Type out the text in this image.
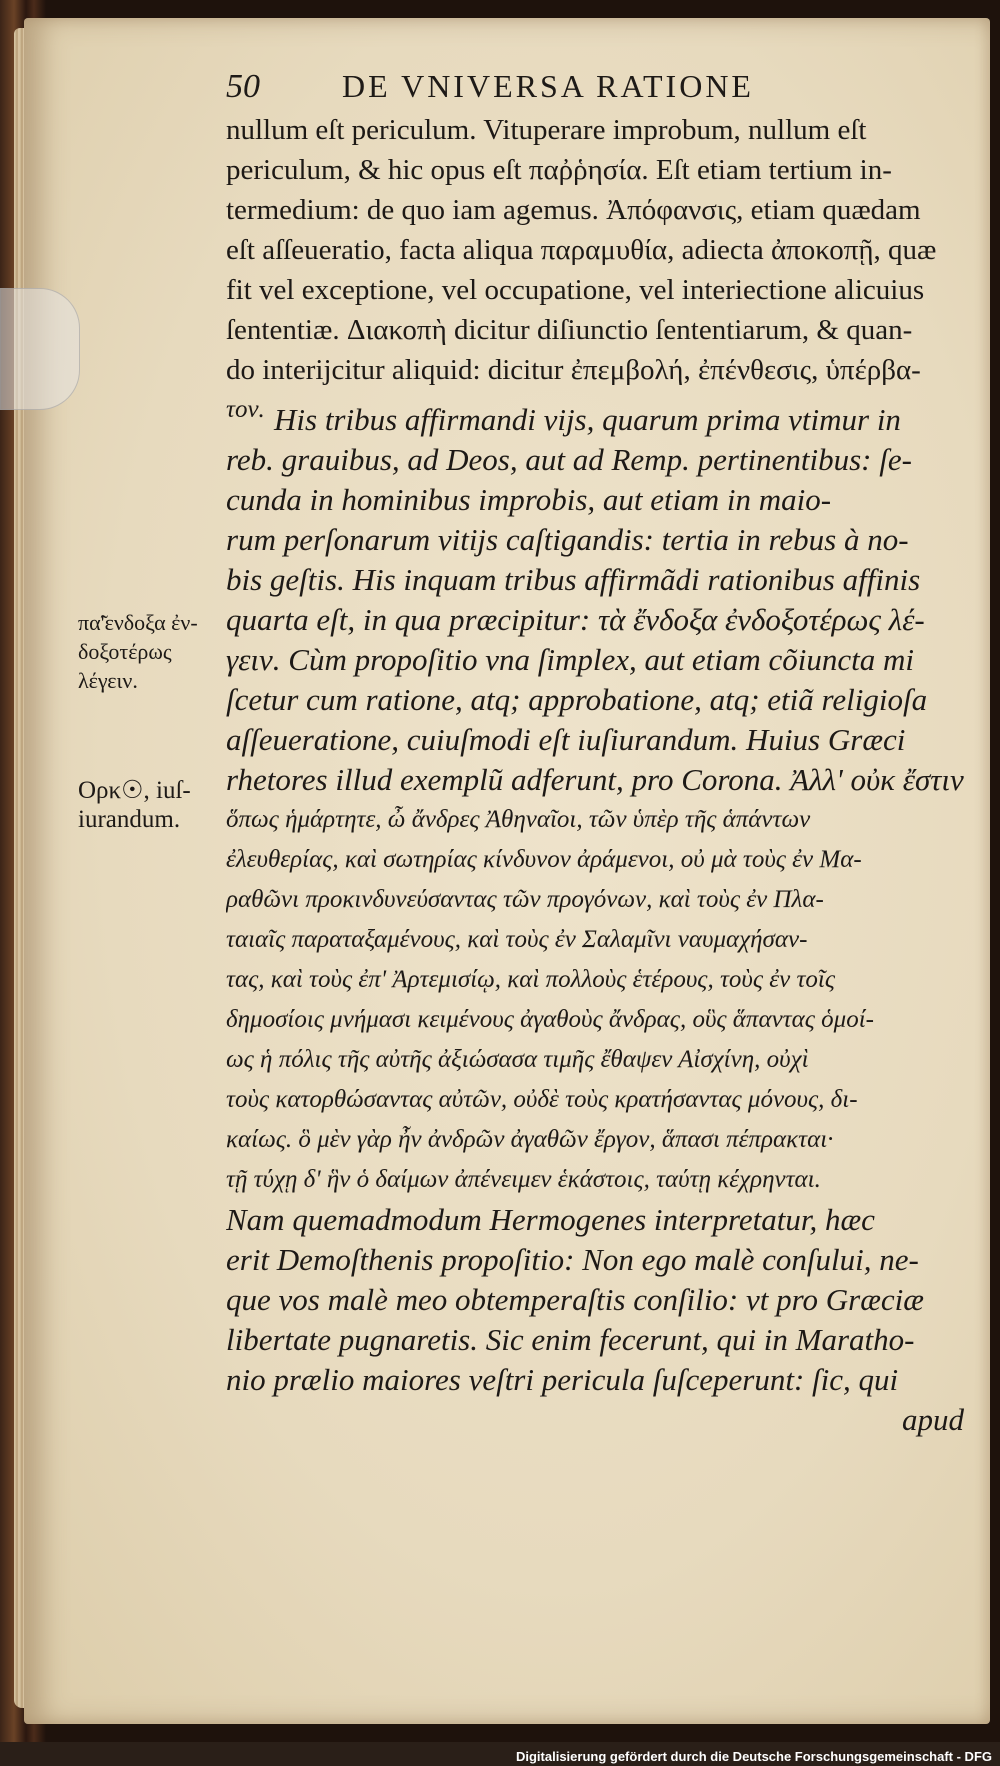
50	DE VNIVERSA RATIONE
nullum eſt periculum. Vituperare improbum, nullum eſt
periculum, & hic opus eſt παῤῥησία. Eſt etiam tertium in-
termedium: de quo iam agemus. Ἀπόφανσις, etiam quædam
eſt aſſeueratio, facta aliqua παραμυθία, adiecta ἀποκοπῇ, quæ
fit vel exceptione, vel occupatione, vel interiectione alicuius
ſententiæ. Διακοπὴ dicitur diſiunctio ſententiarum, & quan-
do interijcitur aliquid: dicitur ἐπεμβολή, ἐπένθεσις, ὑπέρβα-
τον. His tribus affirmandi vijs, quarum prima vtimur in
reb. grauibus, ad Deos, aut ad Remp. pertinentibus: ſe-
cunda in hominibus improbis, aut etiam in maio-
rum perſonarum vitijs caſtigandis: tertia in rebus à no-
bis geſtis. His inquam tribus affirmãdi rationibus affinis
quarta eſt, in qua præcipitur: τὰ ἔνδοξα ἐνδοξοτέρως λέ-
γειν. Cùm propoſitio vna ſimplex, aut etiam cõiuncta mi
ſcetur cum ratione, atq; approbatione, atq; etiã religioſa
aſſeueratione, cuiuſmodi eſt iuſiurandum. Huius Græci
rhetores illud exemplũ adferunt, pro Corona. Ἀλλ' οὐκ ἔστιν
ὅπως ἡμάρτητε, ὦ ἄνδρες Ἀθηναῖοι, τῶν ὑπὲρ τῆς ἁπάντων
ἐλευθερίας, καὶ σωτηρίας κίνδυνον ἀράμενοι, οὐ μὰ τοὺς ἐν Μα-
ραθῶνι προκινδυνεύσαντας τῶν προγόνων, καὶ τοὺς ἐν Πλα-
ταιαῖς παραταξαμένους, καὶ τοὺς ἐν Σαλαμῖνι ναυμαχήσαν-
τας, καὶ τοὺς ἐπ' Ἀρτεμισίῳ, καὶ πολλοὺς ἑτέρους, τοὺς ἐν τοῖς
δημοσίοις μνήμασι κειμένους ἀγαθοὺς ἄνδρας, οὓς ἅπαντας ὁμοί-
ως ἡ πόλις τῆς αὐτῆς ἀξιώσασα τιμῆς ἔθαψεν Αἰσχίνη, οὐχὶ
τοὺς κατορθώσαντας αὐτῶν, οὐδὲ τοὺς κρατήσαντας μόνους, δι-
καίως. ὃ μὲν γὰρ ἦν ἀνδρῶν ἀγαθῶν ἔργον, ἅπασι πέπρακται·
τῇ τύχῃ δ' ἣν ὁ δαίμων ἀπένειμεν ἑκάστοις, ταύτῃ κέχρηνται.
Nam quemadmodum Hermogenes interpretatur, hæc
erit Demoſthenis propoſitio: Non ego malè conſului, ne-
que vos malè meo obtemperaſtis conſilio: vt pro Græciæ
libertate pugnaretis. Sic enim fecerunt, qui in Maratho-
nio prælio maiores veſtri pericula ſuſceperunt: ſic, qui
apud
πα̃'ενδοξα ἐν-
δοξοτέρως
λέγειν.
Ορκ☉, iuſ-
iurandum.
Digitalisierung gefördert durch die Deutsche Forschungsgemeinschaft - DFG
